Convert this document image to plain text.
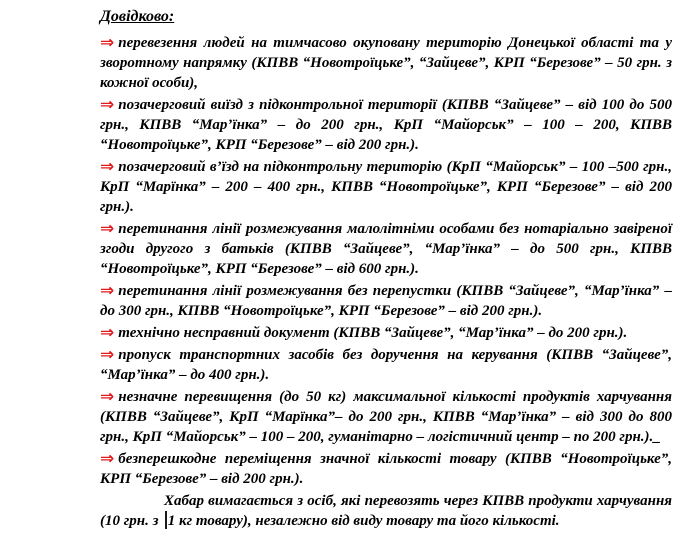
Довідково:

⇒ перевезення людей на тимчасово окуповану територію Донецької області та у зворотному напрямку (КПВВ “Новотроїцьке”, “Зайцеве”, КРП “Березове” – 50 грн. з кожної особи),

⇒ позачерговий виїзд з підконтрольної території (КПВВ “Зайцеве” – від 100 до 500 грн., КПВВ “Мар’їнка” – до 200 грн., КрП “Майорськ” – 100 – 200, КПВВ “Новотроїцьке”, КРП “Березове” – від 200 грн.).

⇒ позачерговий в’їзд на підконтрольну територію (КрП “Майорськ” – 100 –500 грн., КрП “Марїнка” – 200 – 400 грн., КПВВ “Новотроїцьке”, КРП “Березове” – від 200 грн.).

⇒ перетинання лінії розмежування малолітніми особами без нотаріально завіреної згоди другого з батьків (КПВВ “Зайцеве”, “Мар’їнка” – до 500 грн., КПВВ “Новотроїцьке”, КРП “Березове” – від 600 грн.).

⇒ перетинання лінії розмежування без перепустки (КПВВ “Зайцеве”, “Мар’їнка” – до 300 грн., КПВВ “Новотроїцьке”, КРП “Березове” – від 200 грн.).

⇒ технічно несправний документ (КПВВ “Зайцеве”, “Мар’їнка” – до 200 грн.).

⇒ пропуск транспортних засобів без доручення на керування (КПВВ “Зайцеве”, “Мар’їнка” – до 400 грн.).

⇒ незначне перевищення (до 50 кг) максимальної кількості продуктів харчування (КПВВ “Зайцеве”, КрП “Марїнка”– до 200 грн., КПВВ “Мар’їнка” – від 300 до 800 грн., КрП “Майорськ” – 100 – 200, гуманітарно – логістичний центр – по 200 грн.)._

⇒ безперешкодне переміщення значної кількості товару (КПВВ “Новотроїцьке”, КРП “Березове” – від 200 грн.).

Хабар вимагається з осіб, які перевозять через КПВВ продукти харчування (10 грн. з 1 кг товару), незалежно від виду товару та його кількості.
